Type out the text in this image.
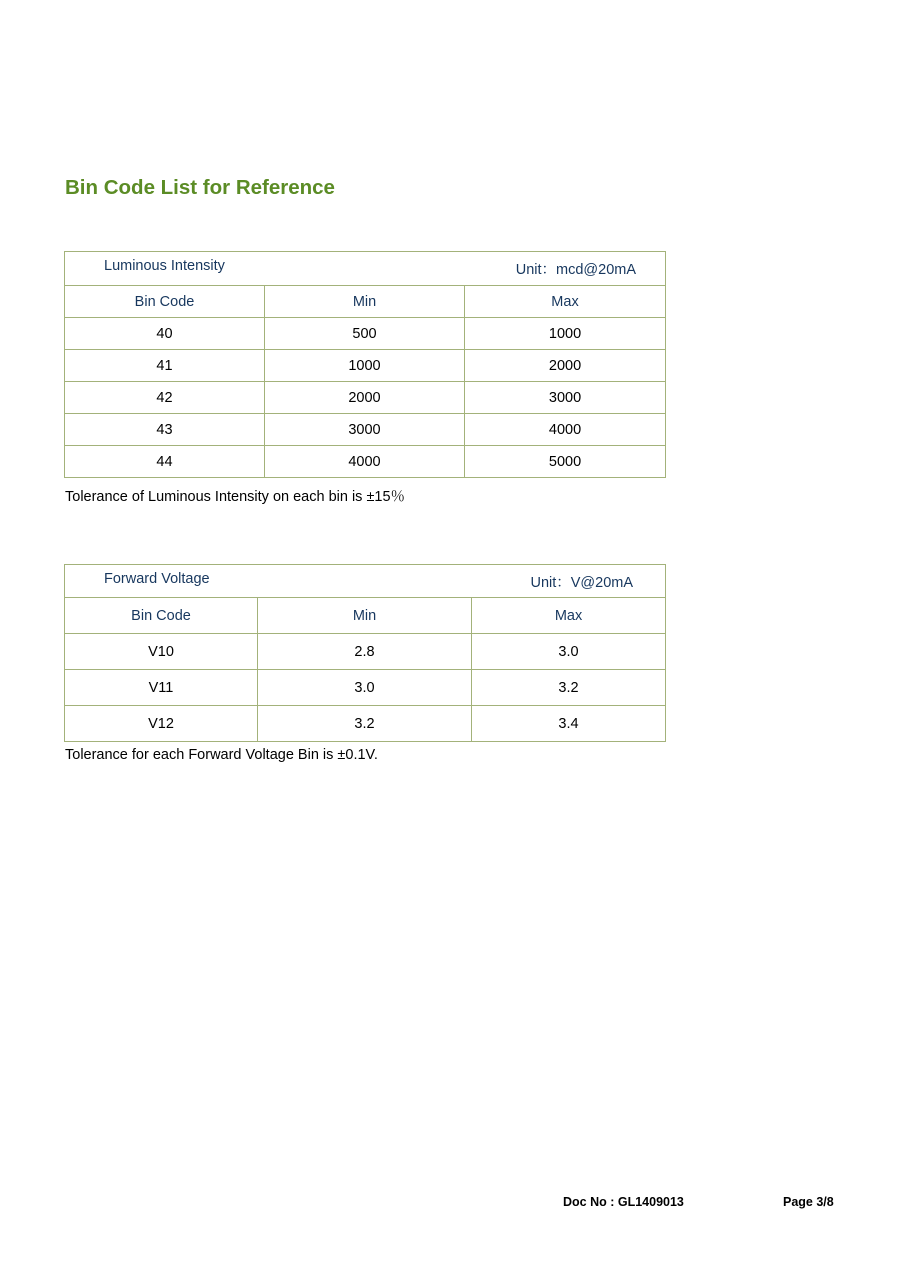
Bin Code List for Reference
Luminous Intensity Unit：mcd@20mA		

Bin Code	Min	Max
40	500	1000
41	1000	2000
42	2000	3000
43	3000	4000
44	4000	5000

Tolerance of Luminous Intensity on each bin is ±15％

Forward Voltage Unit：V@20mA		

Bin Code	Min	Max
V10	2.8	3.0
V11	3.0	3.2
V12	3.2	3.4

Tolerance for each Forward Voltage Bin is ±0.1V.

Doc No : GL1409013	Page 3/8
